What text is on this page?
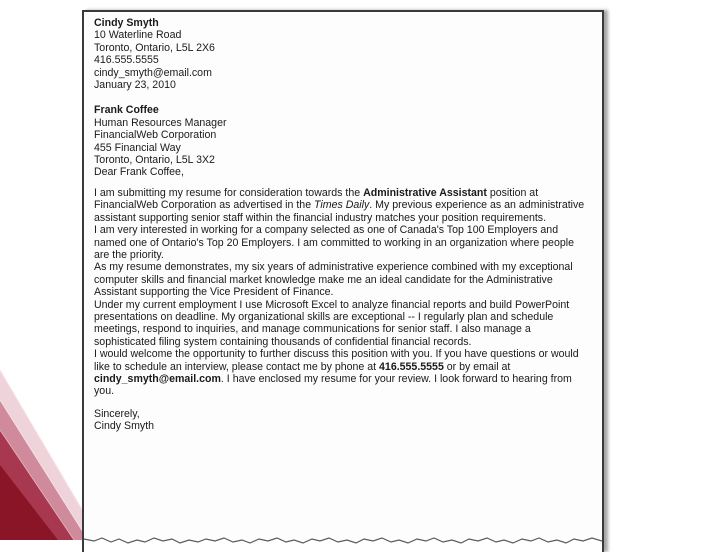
Cindy Smyth

10 Waterline Road

Toronto, Ontario, L5L 2X6

416.555.5555

cindy_smyth@email.com

January 23, 2010

Frank Coffee

Human Resources Manager

FinancialWeb Corporation

455 Financial Way

Toronto, Ontario, L5L 3X2

Dear Frank Coffee,

I am submitting my resume for consideration towards the Administrative Assistant position at FinancialWeb Corporation as advertised in the Times Daily. My previous experience as an administrative assistant supporting senior staff within the financial industry matches your position requirements.

I am very interested in working for a company selected as one of Canada's Top 100 Employers and named one of Ontario's Top 20 Employers. I am committed to working in an organization where people are the priority.

As my resume demonstrates, my six years of administrative experience combined with my exceptional computer skills and financial market knowledge make me an ideal candidate for the Administrative Assistant supporting the Vice President of Finance.

Under my current employment I use Microsoft Excel to analyze financial reports and build PowerPoint presentations on deadline. My organizational skills are exceptional -- I regularly plan and schedule meetings, respond to inquiries, and manage communications for senior staff. I also manage a sophisticated filing system containing thousands of confidential financial records.

I would welcome the opportunity to further discuss this position with you. If you have questions or would like to schedule an interview, please contact me by phone at 416.555.5555 or by email at cindy_smyth@email.com. I have enclosed my resume for your review. I look forward to hearing from you.

Sincerely,

Cindy Smyth
